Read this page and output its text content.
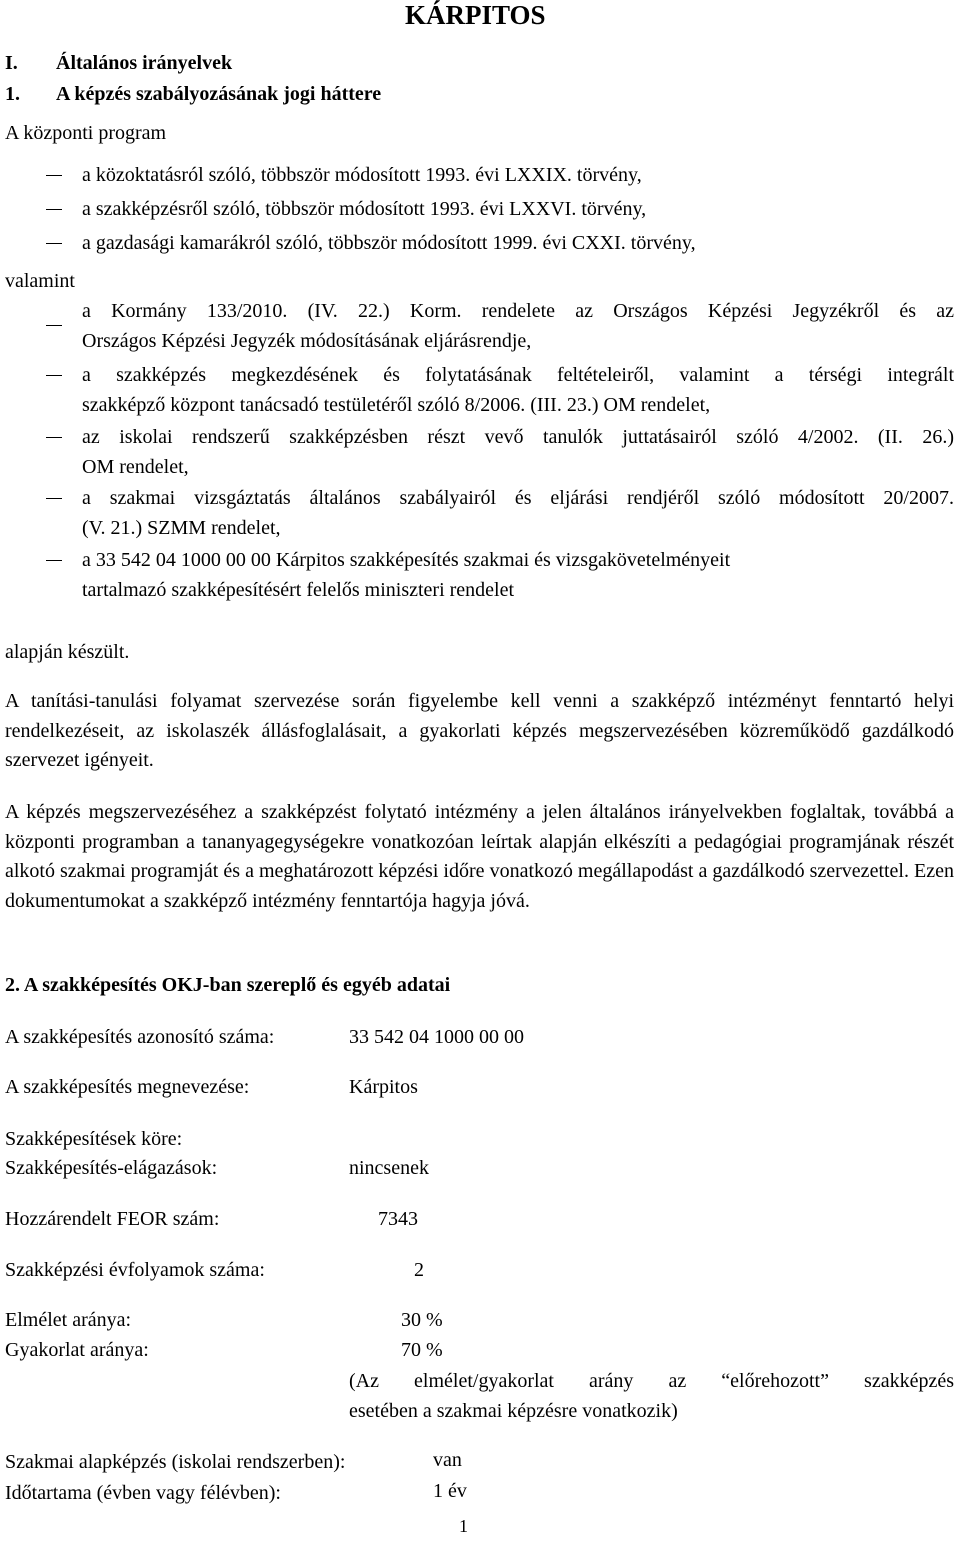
KÁRPITOS
I. Általános irányelvek
1. A képzés szabályozásának jogi háttere
A központi program
a közoktatásról szóló, többször módosított 1993. évi LXXIX. törvény,
a szakképzésről szóló, többször módosított 1993. évi LXXVI. törvény,
a gazdasági kamarákról szóló, többször módosított 1999. évi CXXI. törvény,
valamint
a Kormány 133/2010. (IV. 22.) Korm. rendelete az Országos Képzési Jegyzékről és az
Országos Képzési Jegyzék módosításának eljárásrendje,
a szakképzés megkezdésének és folytatásának feltételeiről, valamint a térségi integrált
szakképző központ tanácsadó testületéről szóló 8/2006. (III. 23.) OM rendelet,
az iskolai rendszerű szakképzésben részt vevő tanulók juttatásairól szóló 4/2002. (II. 26.)
OM rendelet,
a szakmai vizsgáztatás általános szabályairól és eljárási rendjéről szóló módosított 20/2007.
(V. 21.) SZMM rendelet,
a 33 542 04 1000 00 00 Kárpitos szakképesítés szakmai és vizsgakövetelményeit
tartalmazó szakképesítésért felelős miniszteri rendelet
alapján készült.
A tanítási-tanulási folyamat szervezése során figyelembe kell venni a szakképző intézményt fenntartó helyi rendelkezéseit, az iskolaszék állásfoglalásait, a gyakorlati képzés megszervezésében közreműködő gazdálkodó szervezet igényeit.
A képzés megszervezéséhez a szakképzést folytató intézmény a jelen általános irányelvekben foglaltak, továbbá a központi programban a tananyagegységekre vonatkozóan leírtak alapján elkészíti a pedagógiai programjának részét alkotó szakmai programját és a meghatározott képzési időre vonatkozó megállapodást a gazdálkodó szervezettel. Ezen dokumentumokat a szakképző intézmény fenntartója hagyja jóvá.
2. A szakképesítés OKJ-ban szereplő és egyéb adatai
A szakképesítés azonosító száma:	33 542 04 1000 00 00
A szakképesítés megnevezése:	Kárpitos
Szakképesítések köre:
Szakképesítés-elágazások:	nincsenek
Hozzárendelt FEOR szám:	7343
Szakképzési évfolyamok száma:	2
Elmélet aránya:	30 %
Gyakorlat aránya:	70 %
(Az elmélet/gyakorlat arány az “előrehozott” szakképzés
esetében a szakmai képzésre vonatkozik)
Szakmai alapképzés (iskolai rendszerben):	van
Időtartama (évben vagy félévben):	1 év
1
